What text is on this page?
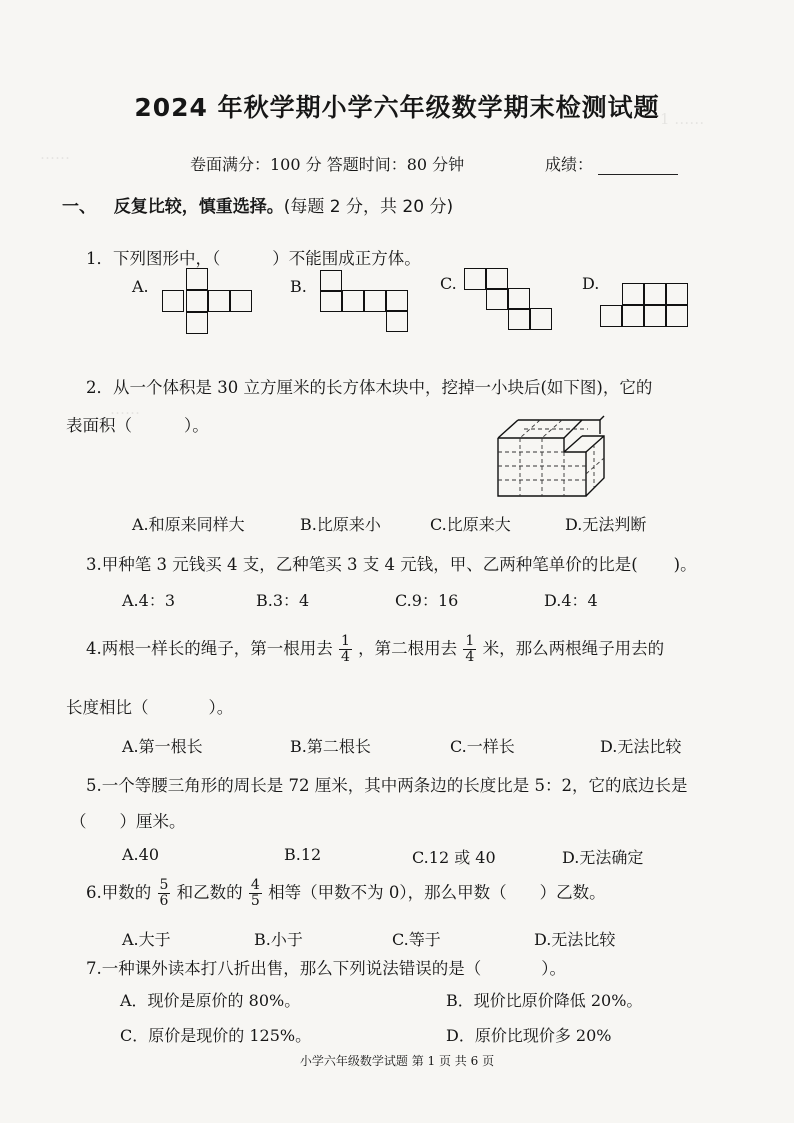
1 ……
……
……
2024 年秋学期小学六年级数学期末检测试题
卷面满分：100 分 答题时间：80 分钟	成绩：
一、 反复比较，慎重选择。(每题 2 分，共 20 分)
1．下列图形中，（	）不能围成正方体。
A.	B.	C.	D.
2．从一个体积是 30 立方厘米的长方体木块中，挖掉一小块后(如下图)，它的
表面积（	）。
A.和原来同样大	B.比原来小	C.比原来大	D.无法判断
3.甲种笔 3 元钱买 4 支，乙种笔买 3 支 4 元钱，甲、乙两种笔单价的比是( )。
A.4：3	B.3：4	C.9：16	D.4：4
4.两根一样长的绳子，第一根用去 $\frac{1}{4}$ ，第二根用去 $\frac{1}{4}$ 米，那么两根绳子用去的
长度相比（	）。
A.第一根长	B.第二根长	C.一样长	D.无法比较
5.一个等腰三角形的周长是 72 厘米，其中两条边的长度比是 5：2，它的底边长是
（　　）厘米。
A.40	B.12	C.12 或 40	D.无法确定
6.甲数的 $\frac{5}{6}$ 和乙数的 $\frac{4}{5}$ 相等（甲数不为 0），那么甲数（　　）乙数。
A.大于	B.小于	C.等于	D.无法比较
7.一种课外读本打八折出售，那么下列说法错误的是（	）。
A．现价是原价的 80%。	B．现价比原价降低 20%。
C．原价是现价的 125%。	D．原价比现价多 20%
小学六年级数学试题 第 1 页 共 6 页
